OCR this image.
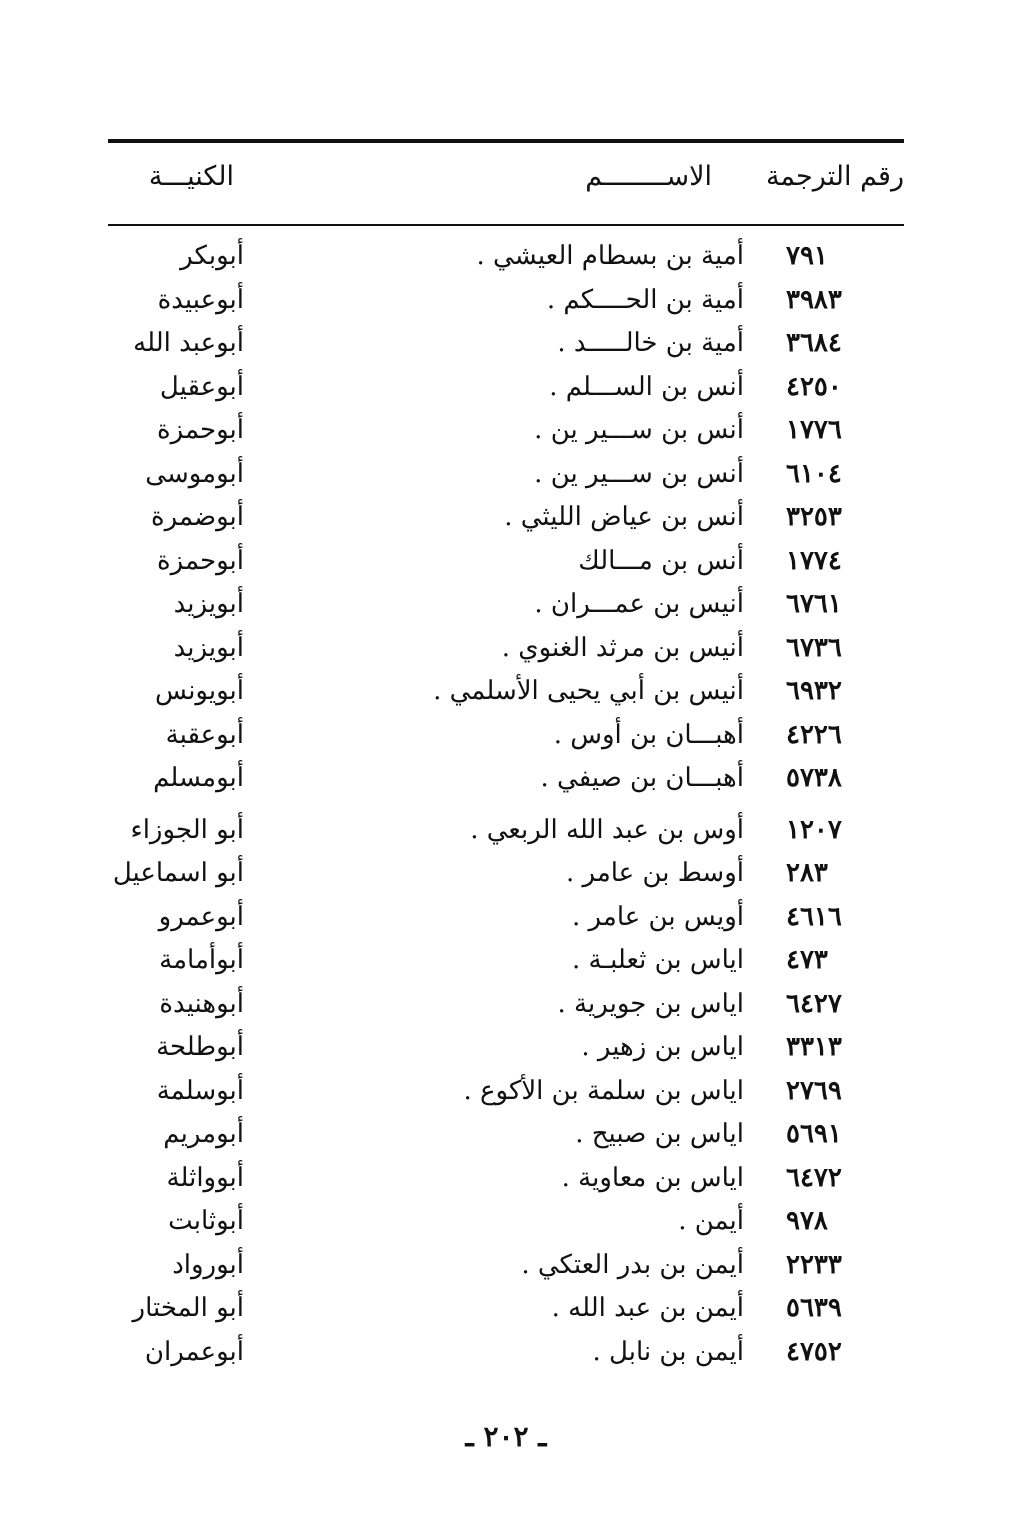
رقم الترجمة
الاســــــــم
الكنيـــة
٧٩١
أمية بن بسطام العيشي .
أبوبكر
٣٩٨٣
أمية بن الحــــكم .
أبوعبيدة
٣٦٨٤
أمية بن خالـــــد .
أبوعبد الله
٤٢٥٠
أنس بن الســـلم .
أبوعقيل
١٧٧٦
أنس بن ســـير ين .
أبوحمزة
٦١٠٤
أنس بن ســـير ين .
أبوموسى
٣٢٥٣
أنس بن عياض الليثي .
أبوضمرة
١٧٧٤
أنس بن مـــالك
أبوحمزة
٦٧٦١
أنيس بن عمـــران .
أبويزيد
٦٧٣٦
أنيس بن مرثد الغنوي .
أبويزيد
٦٩٣٢
أنيس بن أبي يحيى الأسلمي .
أبويونس
٤٢٢٦
أهبـــان بن أوس .
أبوعقبة
٥٧٣٨
أهبـــان بن صيفي .
أبومسلم
١٢٠٧
أوس بن عبد الله الربعي .
أبو الجوزاء
٢٨٣
أوسط بن عامر .
أبو اسماعيل
٤٦١٦
أويس بن عامر .
أبوعمرو
٤٧٣
اياس بن ثعلبـة .
أبوأمامة
٦٤٢٧
اياس بن جويرية .
أبوهنيدة
٣٣١٣
اياس بن زهير .
أبوطلحة
٢٧٦٩
اياس بن سلمة بن الأكوع .
أبوسلمة
٥٦٩١
اياس بن صبيح .
أبومريم
٦٤٧٢
اياس بن معاوية .
أبوواثلة
٩٧٨
أيمن .
أبوثابت
٢٢٣٣
أيمن بن بدر العتكي .
أبورواد
٥٦٣٩
أيمن بن عبد الله .
أبو المختار
٤٧٥٢
أيمن بن نابل .
أبوعمران
ـ ٢٠٢ ـ
